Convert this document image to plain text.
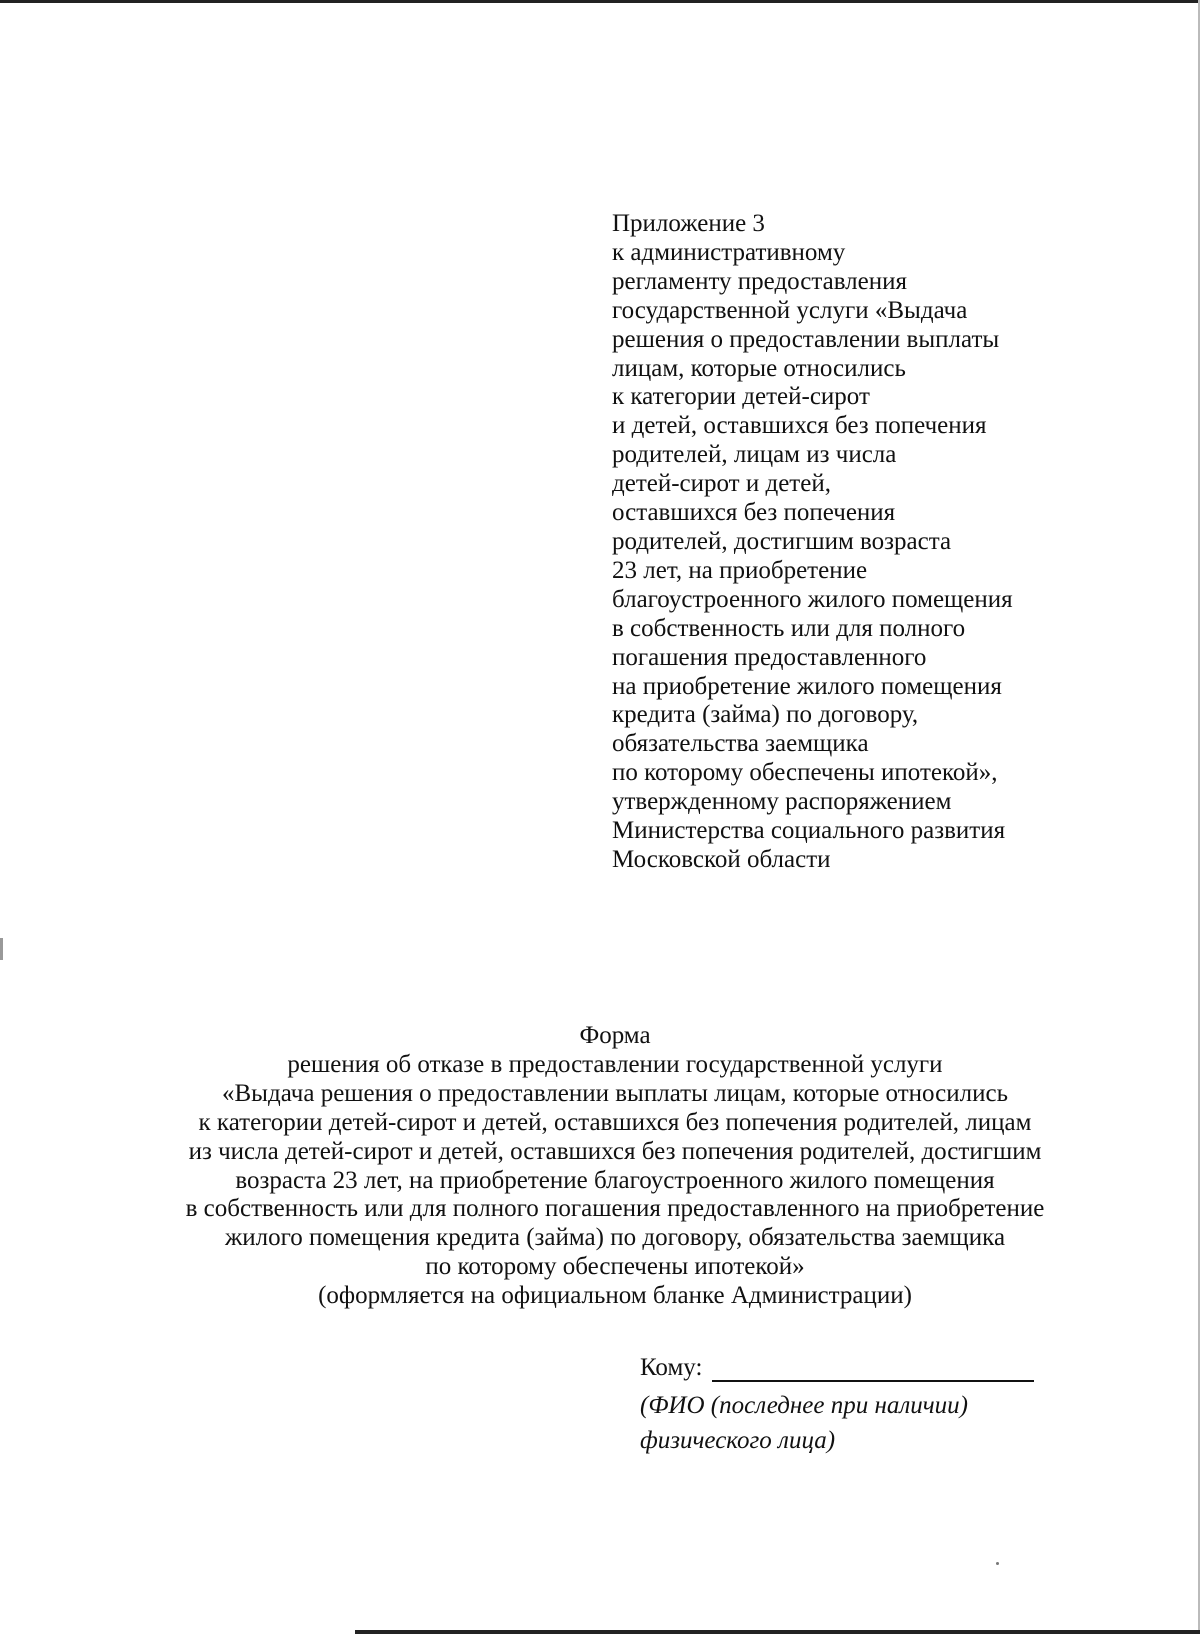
Приложение 3
к административному
регламенту предоставления
государственной услуги «Выдача
решения о предоставлении выплаты
лицам, которые относились
к категории детей-сирот
и детей, оставшихся без попечения
родителей, лицам из числа
детей-сирот и детей,
оставшихся без попечения
родителей, достигшим возраста
23 лет, на приобретение
благоустроенного жилого помещения
в собственность или для полного
погашения предоставленного
на приобретение жилого помещения
кредита (займа) по договору,
обязательства заемщика
по которому обеспечены ипотекой»,
утвержденному распоряжением
Министерства социального развития
Московской области
Форма
решения об отказе в предоставлении государственной услуги
«Выдача решения о предоставлении выплаты лицам, которые относились
к категории детей-сирот и детей, оставшихся без попечения родителей, лицам
из числа детей-сирот и детей, оставшихся без попечения родителей, достигшим
возраста 23 лет, на приобретение благоустроенного жилого помещения
в собственность или для полного погашения предоставленного на приобретение
жилого помещения кредита (займа) по договору, обязательства заемщика
по которому обеспечены ипотекой»
(оформляется на официальном бланке Администрации)
Кому:
(ФИО (последнее при наличии)
физического лица)
